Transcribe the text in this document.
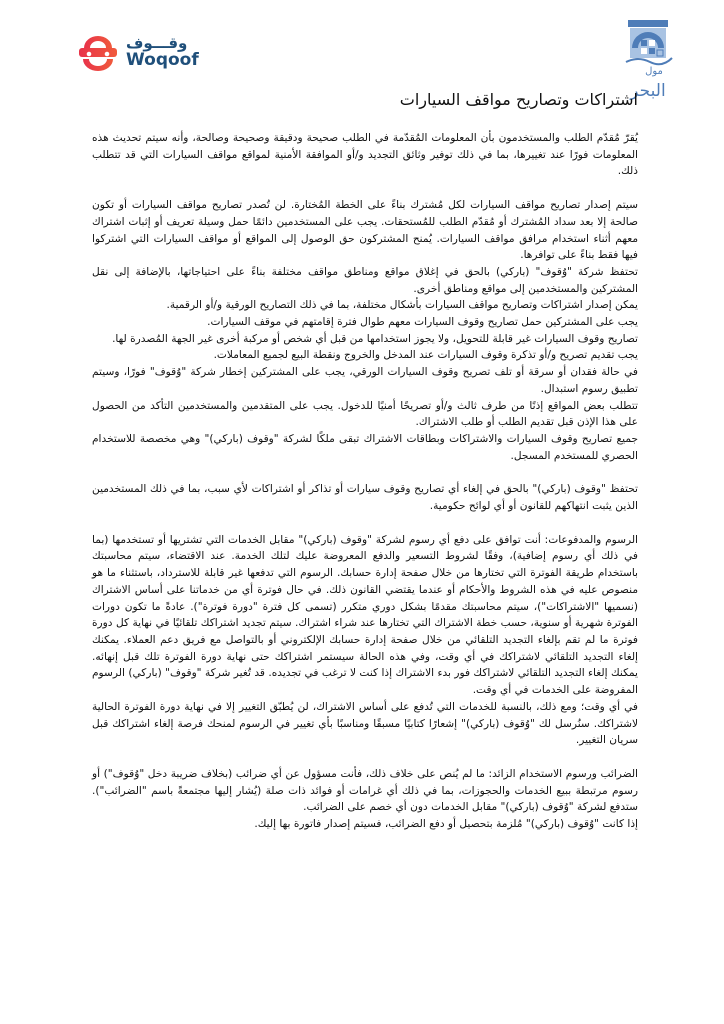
وقـــوف
Woqoof
مول
البحر
اشتراكات وتصاريح مواقف السيارات

يُقرّ مُقدّم الطلب والمستخدمون بأن المعلومات المُقدّمة في الطلب صحيحة ودقيقة وصحيحة وصالحة، وأنه سيتم تحديث هذه المعلومات فورًا عند تغييرها، بما في ذلك توفير وثائق التجديد و/أو الموافقة الأمنية لمواقع مواقف السيارات التي قد تتطلب ذلك.

سيتم إصدار تصاريح مواقف السيارات لكل مُشترك بناءً على الخطة المُختارة. لن تُصدر تصاريح مواقف السيارات أو تكون صالحة إلا بعد سداد المُشترك أو مُقدّم الطلب للمُستحقات. يجب على المستخدمين دائمًا حمل وسيلة تعريف أو إثبات اشتراك معهم أثناء استخدام مرافق مواقف السيارات. يُمنح المشتركون حق الوصول إلى المواقع أو مواقف السيارات التي اشتركوا فيها فقط بناءً على توافرها.

تحتفظ شركة "وُقوف" (باركي) بالحق في إغلاق مواقع ومناطق مواقف مختلفة بناءً على احتياجاتها، بالإضافة إلى نقل المشتركين والمستخدمين إلى مواقع ومناطق أخرى.

يمكن إصدار اشتراكات وتصاريح مواقف السيارات بأشكال مختلفة، بما في ذلك التصاريح الورقية و/أو الرقمية.

يجب على المشتركين حمل تصاريح وقوف السيارات معهم طوال فترة إقامتهم في موقف السيارات.

تصاريح وقوف السيارات غير قابلة للتحويل، ولا يجوز استخدامها من قبل أي شخص أو مركبة أخرى غير الجهة المُصدرة لها.

يجب تقديم تصريح و/أو تذكرة وقوف السيارات عند المدخل والخروج ونقطة البيع لجميع المعاملات.

في حالة فقدان أو سرقة أو تلف تصريح وقوف السيارات الورقي، يجب على المشتركين إخطار شركة "وُقوف" فورًا، وسيتم تطبيق رسوم استبدال.

تتطلب بعض المواقع إذنًا من طرف ثالث و/أو تصريحًا أمنيًا للدخول. يجب على المتقدمين والمستخدمين التأكد من الحصول على هذا الإذن قبل تقديم الطلب أو طلب الاشتراك.

جميع تصاريح وقوف السيارات والاشتراكات وبطاقات الاشتراك تبقى ملكًا لشركة "وقوف (باركي)" وهي مخصصة للاستخدام الحصري للمستخدم المسجل.

تحتفظ "وقوف (باركي)" بالحق في إلغاء أي تصاريح وقوف سيارات أو تذاكر أو اشتراكات لأي سبب، بما في ذلك المستخدمين الذين يثبت انتهاكهم للقانون أو أي لوائح حكومية.

الرسوم والمدفوعات: أنت توافق على دفع أي رسوم لشركة "وقوف (باركي)" مقابل الخدمات التي تشتريها أو تستخدمها (بما في ذلك أي رسوم إضافية)، وفقًا لشروط التسعير والدفع المعروضة عليك لتلك الخدمة. عند الاقتضاء، سيتم محاسبتك باستخدام طريقة الفوترة التي تختارها من خلال صفحة إدارة حسابك. الرسوم التي تدفعها غير قابلة للاسترداد، باستثناء ما هو منصوص عليه في هذه الشروط والأحكام أو عندما يقتضي القانون ذلك. في حال فوترة أي من خدماتنا على أساس الاشتراك (نسميها "الاشتراكات")، سيتم محاسبتك مقدمًا بشكل دوري متكرر (تسمى كل فترة "دورة فوترة"). عادةً ما تكون دورات الفوترة شهرية أو سنوية، حسب خطة الاشتراك التي تختارها عند شراء اشتراك. سيتم تجديد اشتراكك تلقائيًا في نهاية كل دورة فوترة ما لم تقم بإلغاء التجديد التلقائي من خلال صفحة إدارة حسابك الإلكتروني أو بالتواصل مع فريق دعم العملاء. يمكنك إلغاء التجديد التلقائي لاشتراكك في أي وقت، وفي هذه الحالة سيستمر اشتراكك حتى نهاية دورة الفوترة تلك قبل إنهائه. يمكنك إلغاء التجديد التلقائي لاشتراكك فور بدء الاشتراك إذا كنت لا ترغب في تجديده. قد تُغير شركة "وقوف" (باركي) الرسوم المفروضة على الخدمات في أي وقت.

في أي وقت؛ ومع ذلك، بالنسبة للخدمات التي تُدفع على أساس الاشتراك، لن يُطبّق التغيير إلا في نهاية دورة الفوترة الحالية لاشتراكك. سنُرسل لك "وُقوف (باركي)" إشعارًا كتابيًا مسبقًا ومناسبًا بأي تغيير في الرسوم لمنحك فرصة إلغاء اشتراكك قبل سريان التغيير.

الضرائب ورسوم الاستخدام الزائد: ما لم يُنص على خلاف ذلك، فأنت مسؤول عن أي ضرائب (بخلاف ضريبة دخل "وُقوف") أو رسوم مرتبطة ببيع الخدمات والحجوزات، بما في ذلك أي غرامات أو فوائد ذات صلة (يُشار إليها مجتمعةً باسم "الضرائب"). ستدفع لشركة "وُقوف (باركي)" مقابل الخدمات دون أي خصم على الضرائب.

إذا كانت "وُقوف (باركي)" مُلزمة بتحصيل أو دفع الضرائب، فسيتم إصدار فاتورة بها إليك.
